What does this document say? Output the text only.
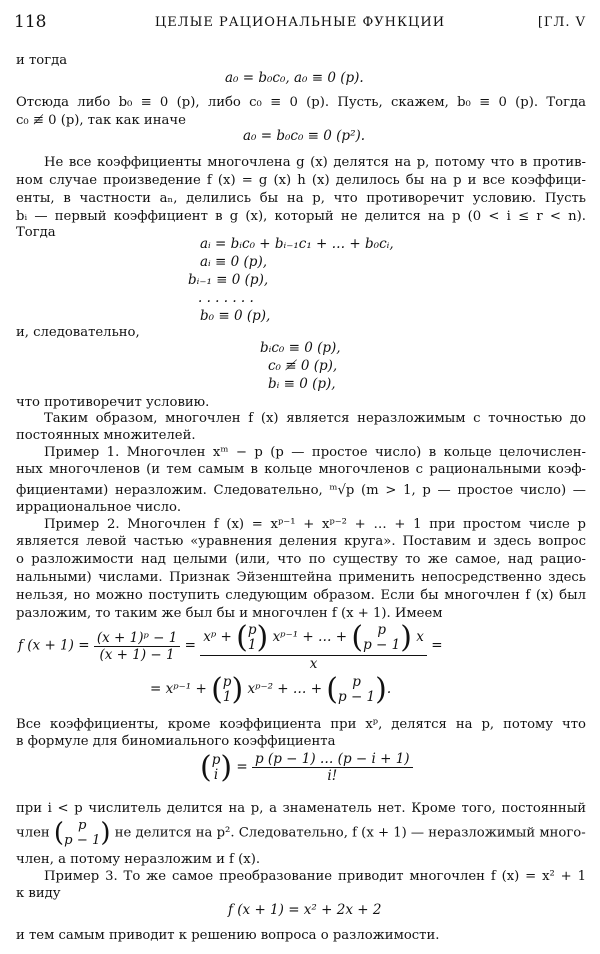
118	ЦЕЛЫЕ РАЦИОНАЛЬНЫЕ ФУНКЦИИ	[ГЛ. V
и тогда
a₀ = b₀c₀, a₀ ≡ 0 (p).
Отсюда либо b₀ ≡ 0 (p), либо c₀ ≡ 0 (p). Пусть, скажем, b₀ ≡ 0 (p). Тогда
c₀ ≢ 0 (p), так как иначе
a₀ = b₀c₀ ≡ 0 (p²).
Не все коэффициенты многочлена g (x) делятся на p, потому что в против-
ном случае произведение f (x) = g (x) h (x) делилось бы на p и все коэффици-
енты, в частности aₙ, делились бы на p, что противоречит условию. Пусть
bᵢ — первый коэффициент в g (x), который не делится на p (0 < i ≤ r < n).
Тогда
aᵢ = bᵢc₀ + bᵢ₋₁c₁ + … + b₀cᵢ,
aᵢ ≡ 0 (p),
bᵢ₋₁ ≡ 0 (p),
. . . . . . .
b₀ ≡ 0 (p),
и, следовательно,
bᵢc₀ ≡ 0 (p),
c₀ ≢ 0 (p),
bᵢ ≡ 0 (p),
что противоречит условию.
Таким образом, многочлен f (x) является неразложимым с точностью до
постоянных множителей.
Пример 1. Многочлен xᵐ − p (p — простое число) в кольце целочислен-
ных многочленов (и тем самым в кольце многочленов с рациональными коэф-
фициентами) неразложим. Следовательно, ᵐ√p (m > 1, p — простое число) —
иррациональное число.
Пример 2. Многочлен f (x) = xᵖ⁻¹ + xᵖ⁻² + … + 1 при простом числе p
является левой частью «уравнения деления круга». Поставим и здесь вопрос
о разложимости над целыми (или, что по существу то же самое, над рацио-
нальными) числами. Признак Эйзенштейна применить непосредственно здесь
нельзя, но можно поступить следующим образом. Если бы многочлен f (x) был
разложим, то таким же был бы и многочлен f (x + 1). Имеем
f $(x + 1) = \frac{\text{(x + 1)ᵖ − 1}}{(x + 1) - 1}$ =
xᵖ + ( p
1 ) xᵖ⁻¹ + … + (	p
p − 1 ) x
x
=
= xᵖ⁻¹ + ( p
1 ) xᵖ⁻² + … + (	p
p − 1 ).
Все коэффициенты, кроме коэффициента при xᵖ, делятся на p, потому что
в формуле для биномиального коэффициента
( p
i ) = $\frac{p (p - 1) \dots (p - i + 1)}{i!}$
при i < p числитель делится на p, а знаменатель нет. Кроме того, постоянный
член (	p
p − 1 ) не делится на p². Следовательно, f (x + 1) — неразложимый много-
член, а потому неразложим и f (x).
Пример 3. То же самое преобразование приводит многочлен f (x) = x² + 1
к виду
f (x + 1) = x² + 2x + 2
и тем самым приводит к решению вопроса о разложимости.
